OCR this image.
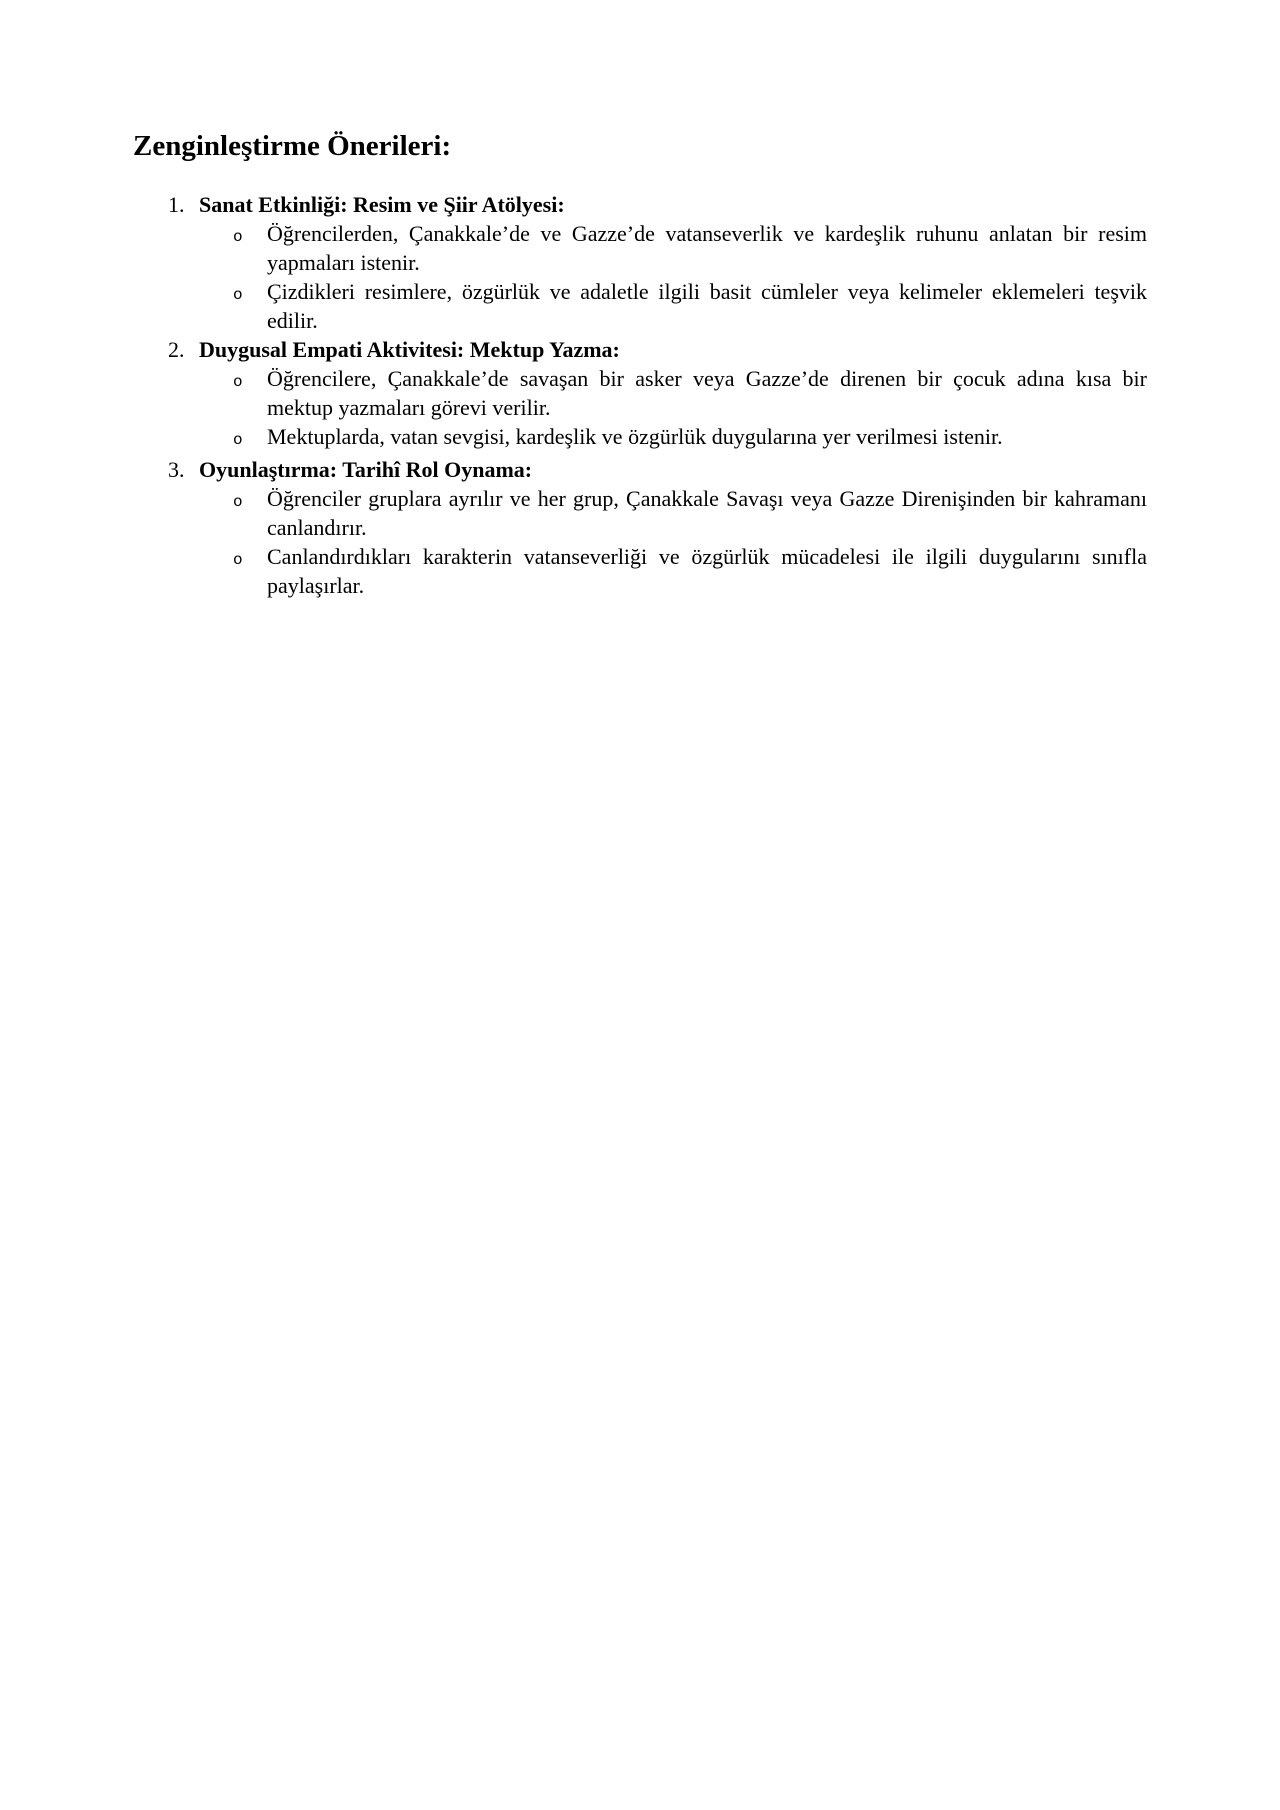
Zenginleştirme Önerileri:
1. Sanat Etkinliği: Resim ve Şiir Atölyesi:
o	Öğrencilerden, Çanakkale’de ve Gazze’de vatanseverlik ve kardeşlik ruhunu anlatan bir resim yapmaları istenir.
o	Çizdikleri resimlere, özgürlük ve adaletle ilgili basit cümleler veya kelimeler eklemeleri teşvik edilir.
2. Duygusal Empati Aktivitesi: Mektup Yazma:
o	Öğrencilere, Çanakkale’de savaşan bir asker veya Gazze’de direnen bir çocuk adına kısa bir mektup yazmaları görevi verilir.
o	Mektuplarda, vatan sevgisi, kardeşlik ve özgürlük duygularına yer verilmesi istenir.
3. Oyunlaştırma: Tarihî Rol Oynama:
o	Öğrenciler gruplara ayrılır ve her grup, Çanakkale Savaşı veya Gazze Direnişinden bir kahramanı canlandırır.
o	Canlandırdıkları karakterin vatanseverliği ve özgürlük mücadelesi ile ilgili duygularını sınıfla paylaşırlar.
